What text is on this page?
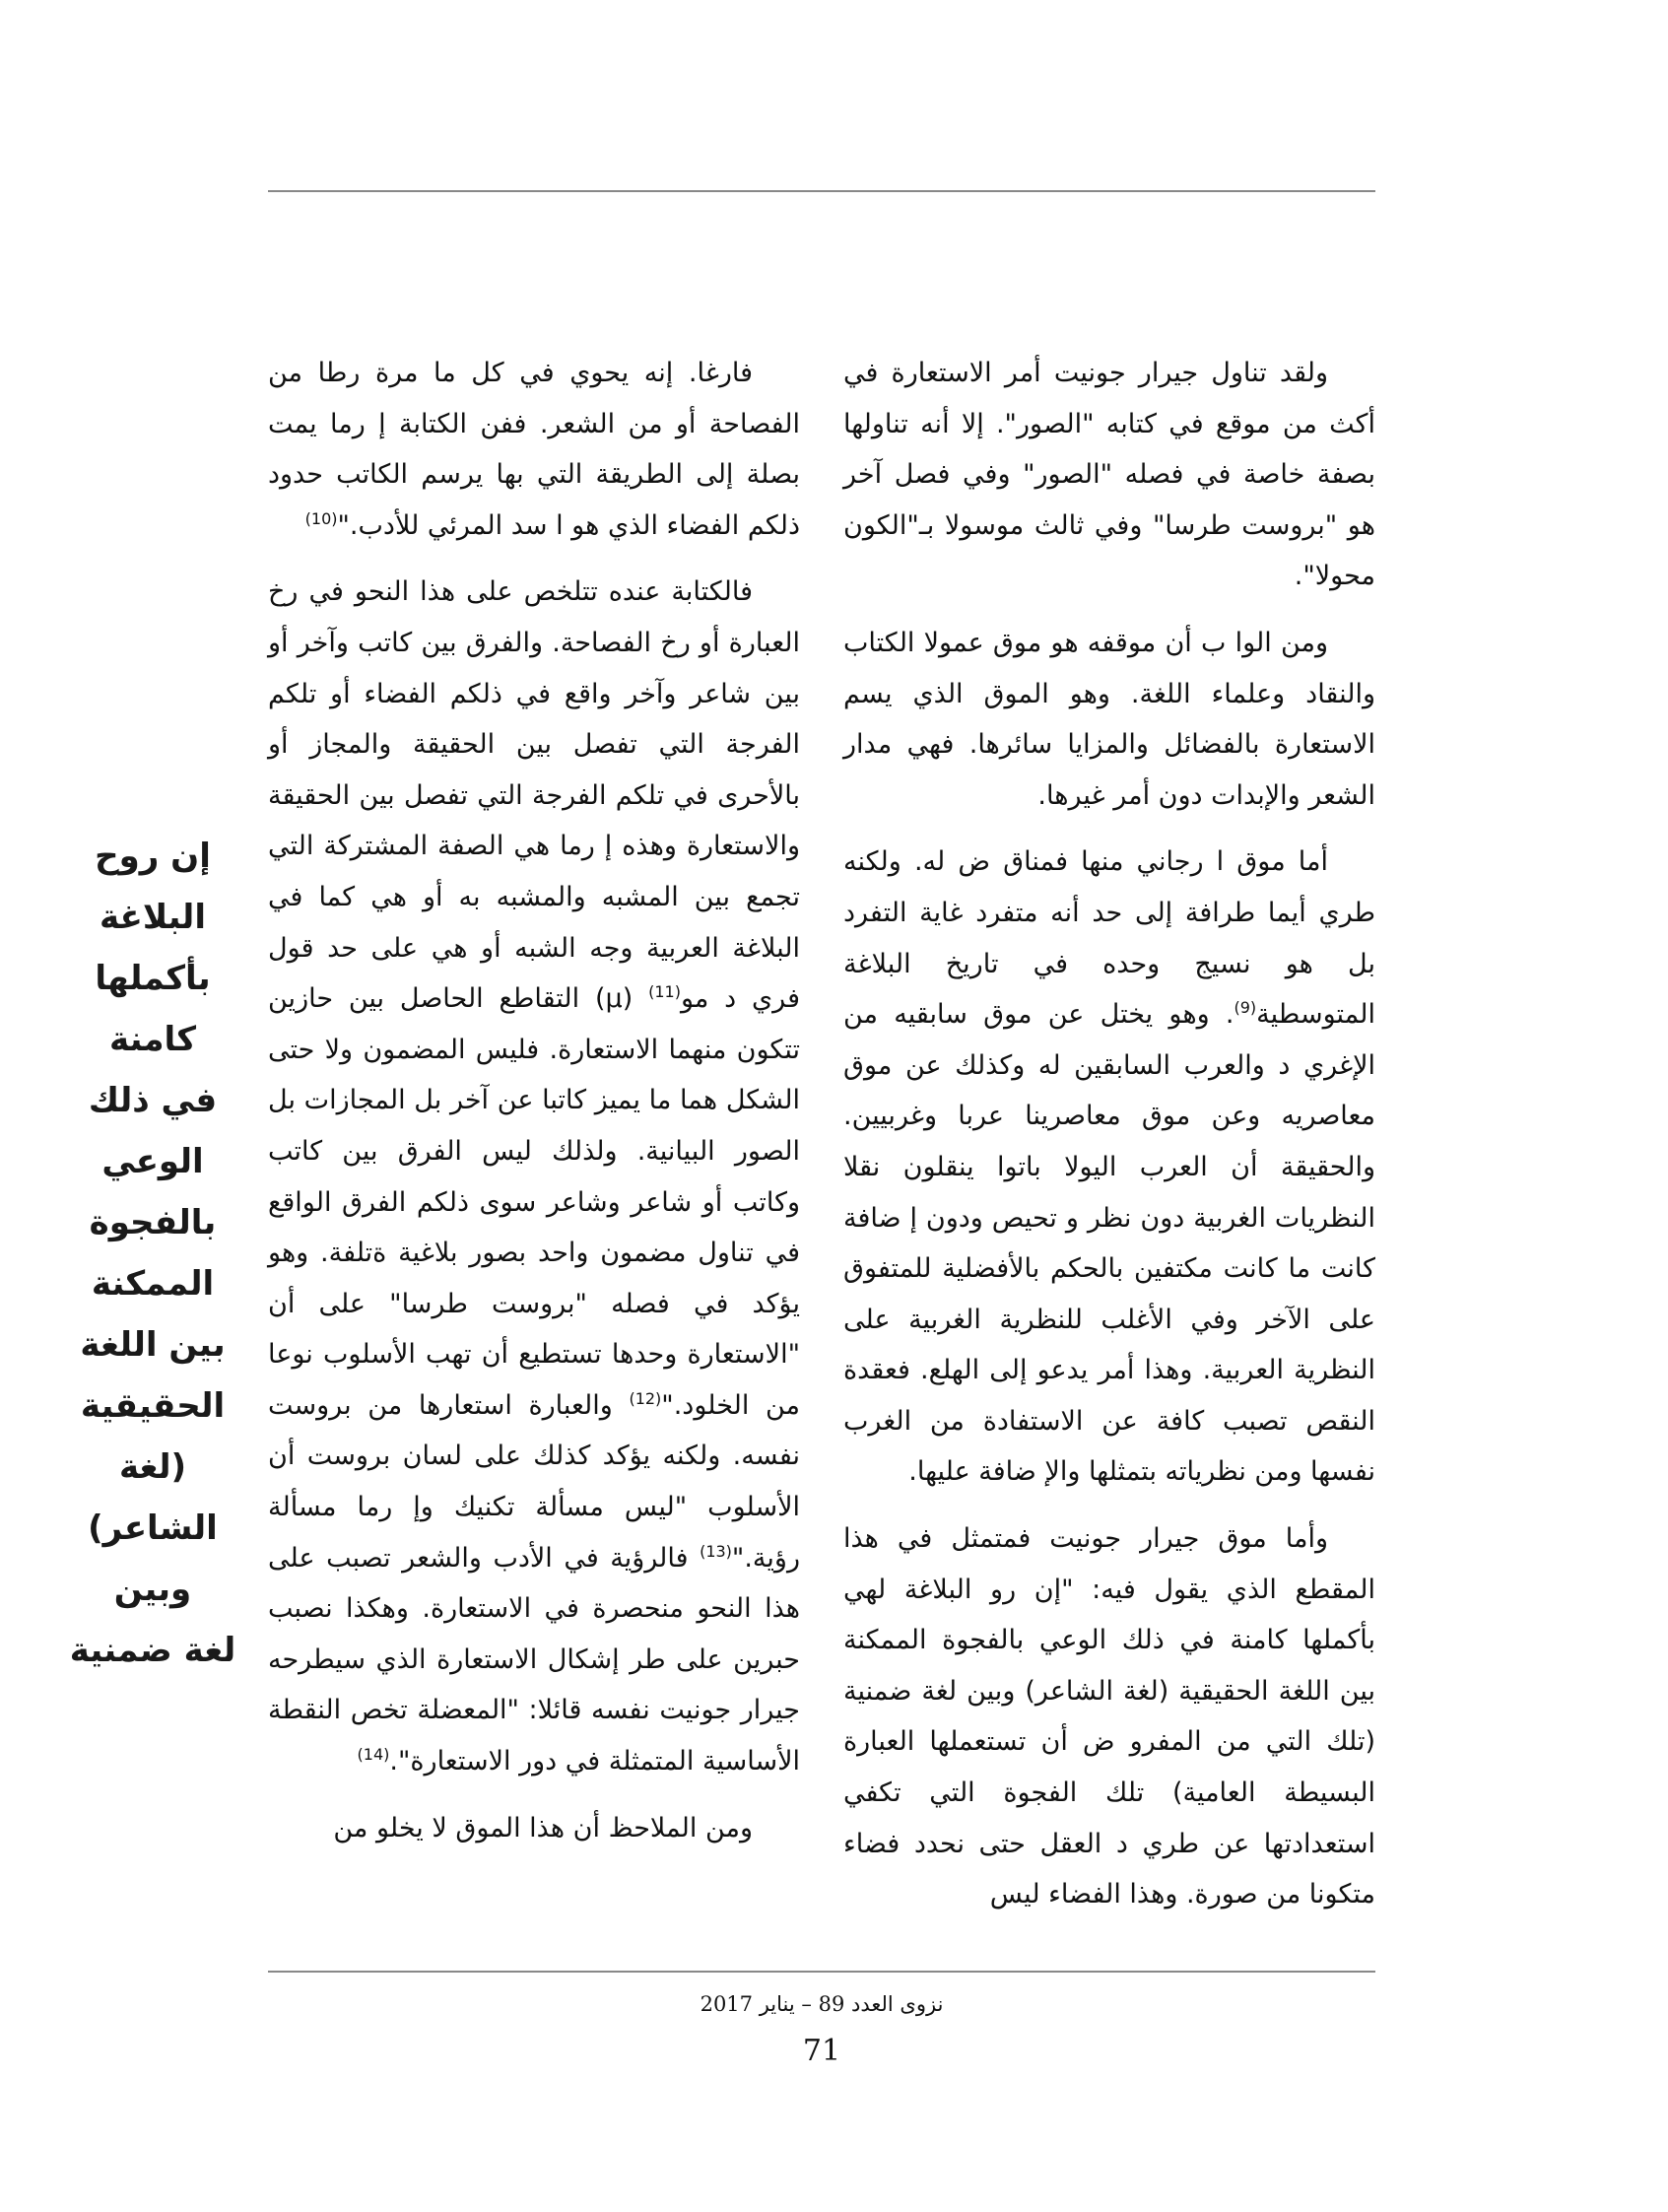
ولقد تناول جيرار جونيت أمر الاستعارة في أكث من موقع في كتابه "الصور". إلا أنه تناولها بصفة خاصة في فصله "الصور" وفي فصل آخر هو "بروست طرسا" وفي ثالث موسولا بـ"الكون محولا".

ومن الوا ب أن موقفه هو موق عمولا الكتاب والنقاد وعلماء اللغة. وهو الموق الذي يسم الاستعارة بالفضائل والمزايا سائرها. فهي مدار الشعر والإبدات دون أمر غيرها.

أما موق ا رجاني منها فمناق ض له. ولكنه طري أيما طرافة إلى حد أنه متفرد غاية التفرد بل هو نسيج وحده في تاريخ البلاغة المتوسطية$^{(9)}$. وهو يختل عن موق سابقيه من الإغري د والعرب السابقين له وكذلك عن موق معاصريه وعن موق معاصرينا عربا وغربيين. والحقيقة أن العرب اليولا باتوا ينقلون نقلا النظريات الغربية دون نظر و تحيص ودون إ ضافة كانت ما كانت مكتفين بالحكم بالأفضلية للمتفوق على الآخر وفي الأغلب للنظرية الغربية على النظرية العربية. وهذا أمر يدعو إلى الهلع. فعقدة النقص تصبب كافة عن الاستفادة من الغرب نفسها ومن نظرياته بتمثلها والإ ضافة عليها.

وأما موق جيرار جونيت فمتمثل في هذا المقطع الذي يقول فيه: "إن رو البلاغة لهي بأكملها كامنة في ذلك الوعي بالفجوة الممكنة بين اللغة الحقيقية (لغة الشاعر) وبين لغة ضمنية (تلك التي من المفرو ض أن تستعملها العبارة البسيطة العامية) تلك الفجوة التي تكفي استعدادتها عن طري د العقل حتى نحدد فضاء متكونا من صورة. وهذا الفضاء ليس

فارغا. إنه يحوي في كل ما مرة رطا من الفصاحة أو من الشعر. ففن الكتابة إ رما يمت بصلة إلى الطريقة التي بها يرسم الكاتب حدود ذلكم الفضاء الذي هو ا سد المرئي للأدب."$^{(10)}$

فالكتابة عنده تتلخص على هذا النحو في رخ العبارة أو رخ الفصاحة. والفرق بين كاتب وآخر أو بين شاعر وآخر واقع في ذلكم الفضاء أو تلكم الفرجة التي تفصل بين الحقيقة والمجاز أو بالأحرى في تلكم الفرجة التي تفصل بين الحقيقة والاستعارة وهذه إ رما هي الصفة المشتركة التي تجمع بين المشبه والمشبه به أو هي كما في البلاغة العربية وجه الشبه أو هي على حد قول فري د مو$^{(11)}$ (μ) التقاطع الحاصل بين حازين تتكون منهما الاستعارة. فليس المضمون ولا حتى الشكل هما ما يميز كاتبا عن آخر بل المجازات بل الصور البيانية. ولذلك ليس الفرق بين كاتب وكاتب أو شاعر وشاعر سوى ذلكم الفرق الواقع في تناول مضمون واحد بصور بلاغية ةتلفة. وهو يؤكد في فصله "بروست طرسا" على أن "الاستعارة وحدها تستطيع أن تهب الأسلوب نوعا من الخلود."$^{(12)}$ والعبارة استعارها من بروست نفسه. ولكنه يؤكد كذلك على لسان بروست أن الأسلوب "ليس مسألة تكنيك وإ رما مسألة رؤية."$^{(13)}$ فالرؤية في الأدب والشعر تصبب على هذا النحو منحصرة في الاستعارة. وهكذا نصبب حبرين على طر إشكال الاستعارة الذي سيطرحه جيرار جونيت نفسه قائلا: "المعضلة تخص النقطة الأساسية المتمثلة في دور الاستعارة".$^{(14)}$

ومن الملاحظ أن هذا الموق لا يخلو من

إن روح
البلاغة
بأكملها كامنة
في ذلك الوعي
بالفجوة
الممكنة
بين اللغة
الحقيقية (لغة
الشاعر) وبين
لغة ضمنية
نزوى العدد 89 – يناير 2017
71
